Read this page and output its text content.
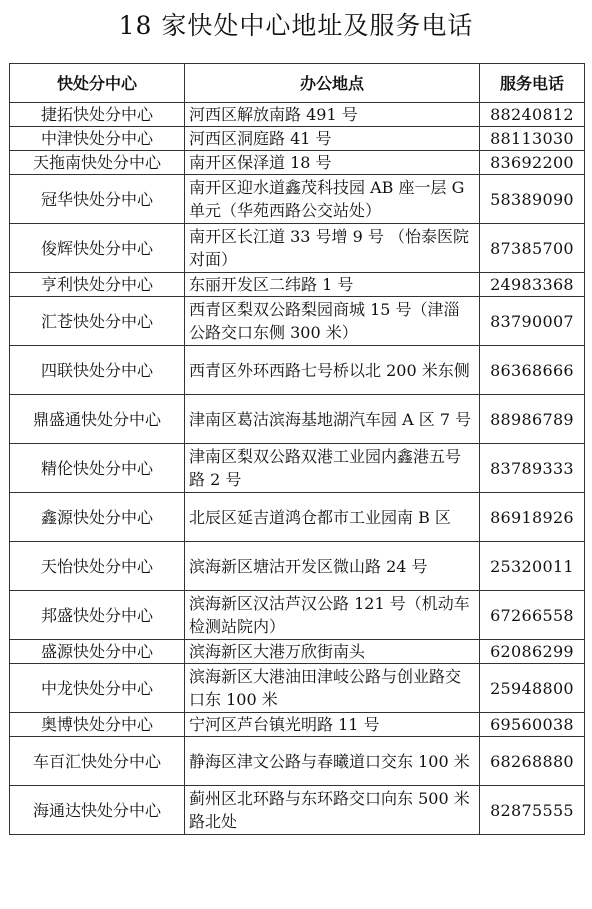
18 家快处中心地址及服务电话
快处分中心	办公地点	服务电话
捷拓快处分中心	河西区解放南路 491 号	88240812
中津快处分中心	河西区洞庭路 41 号	88113030
天拖南快处分中心	南开区保泽道 18 号	83692200
冠华快处分中心	南开区迎水道鑫茂科技园 AB 座一层 G 单元（华苑西路公交站处）	58389090
俊辉快处分中心	南开区长江道 33 号增 9 号 （怡泰医院对面）	87385700
亨利快处分中心	东丽开发区二纬路 1 号	24983368
汇苍快处分中心	西青区梨双公路梨园商城 15 号（津淄公路交口东侧 300 米）	83790007
四联快处分中心	西青区外环西路七号桥以北 200 米东侧	86368666
鼎盛通快处分中心	津南区葛沽滨海基地湖汽车园 A 区 7 号	88986789
精伦快处分中心	津南区梨双公路双港工业园内鑫港五号路 2 号	83789333
鑫源快处分中心	北辰区延吉道鸿仓都市工业园南 B 区	86918926
天怡快处分中心	滨海新区塘沽开发区微山路 24 号	25320011
邦盛快处分中心	滨海新区汉沽芦汉公路 121 号（机动车检测站院内）	67266558
盛源快处分中心	滨海新区大港万欣街南头	62086299
中龙快处分中心	滨海新区大港油田津岐公路与创业路交口东 100 米	25948800
奥博快处分中心	宁河区芦台镇光明路 11 号	69560038
车百汇快处分中心	静海区津文公路与春曦道口交东 100 米	68268880
海通达快处分中心	蓟州区北环路与东环路交口向东 500 米路北处	82875555
